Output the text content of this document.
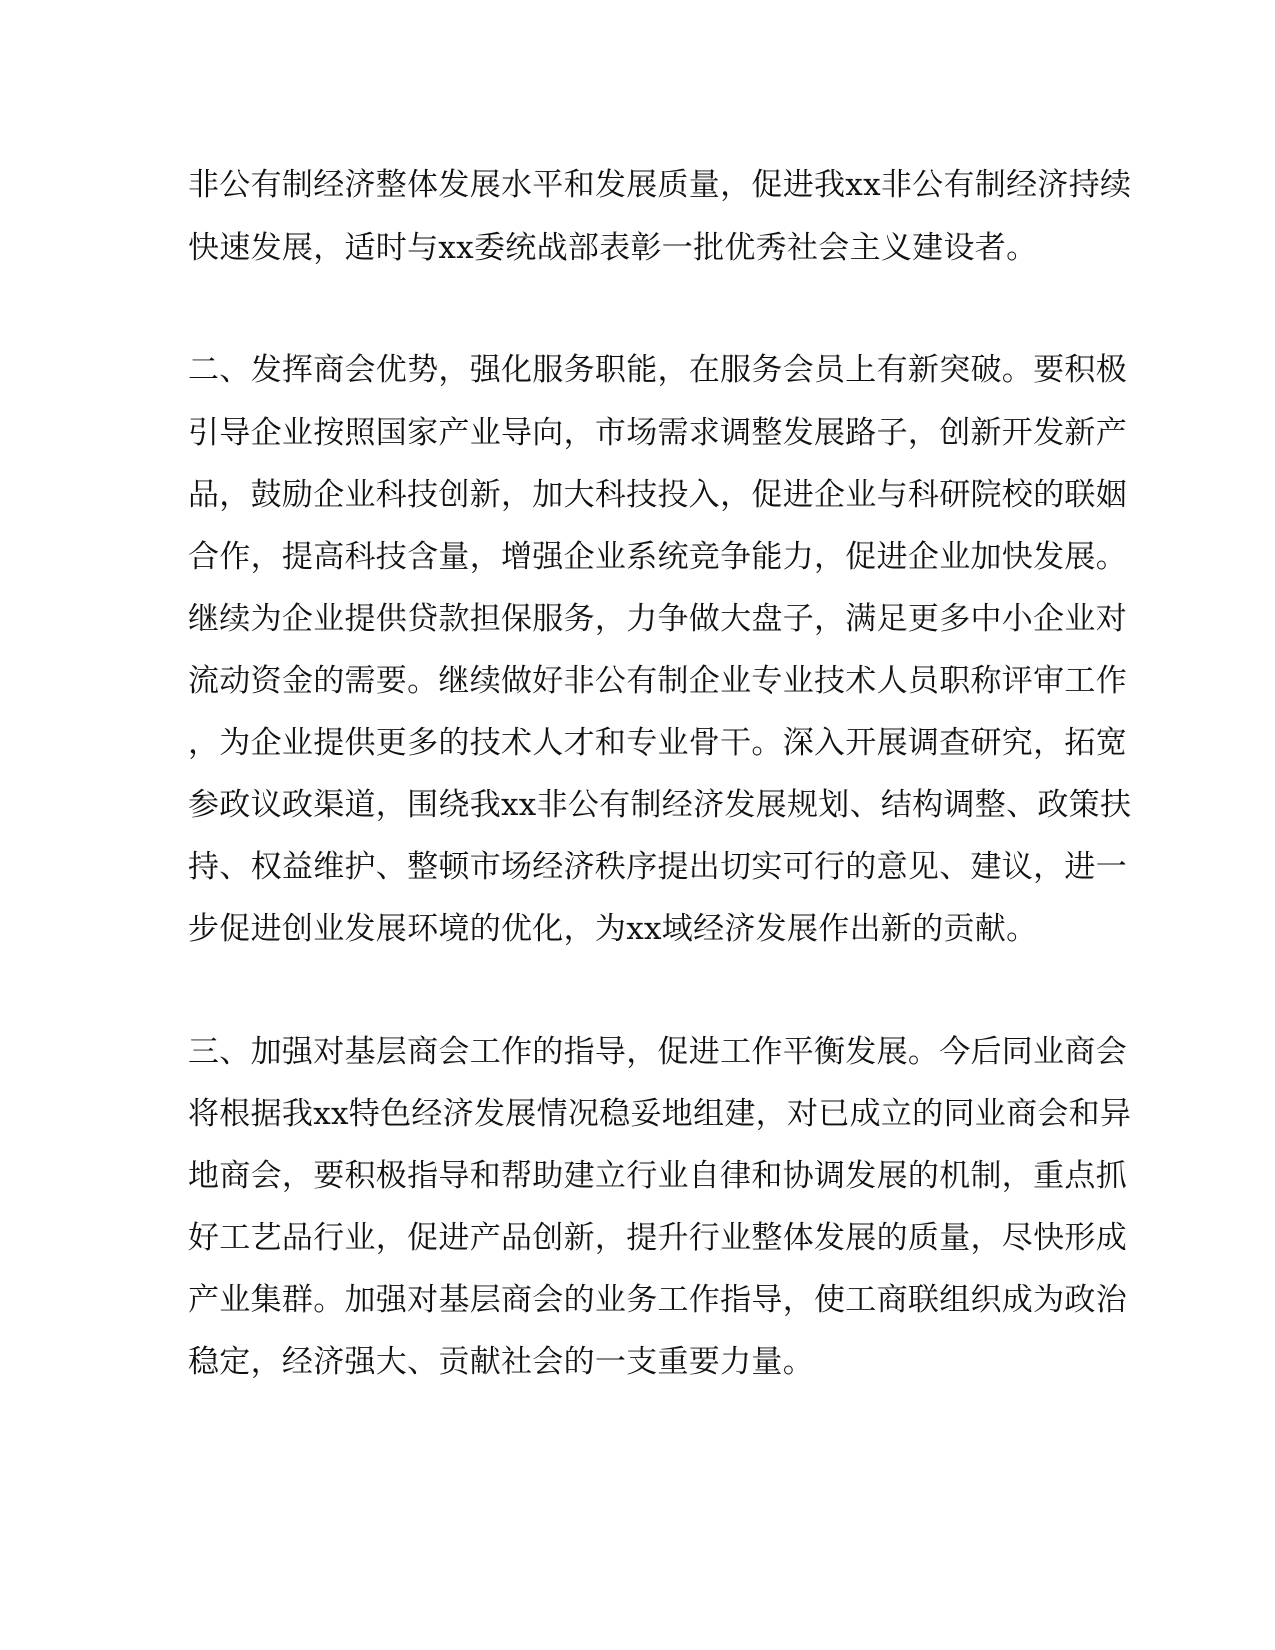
非公有制经济整体发展水平和发展质量，促进我xx非公有制经济持续
快速发展，适时与xx委统战部表彰一批优秀社会主义建设者。
二、发挥商会优势，强化服务职能，在服务会员上有新突破。要积极
引导企业按照国家产业导向，市场需求调整发展路子，创新开发新产
品，鼓励企业科技创新，加大科技投入，促进企业与科研院校的联姻
合作，提高科技含量，增强企业系统竞争能力，促进企业加快发展。
继续为企业提供贷款担保服务，力争做大盘子，满足更多中小企业对
流动资金的需要。继续做好非公有制企业专业技术人员职称评审工作
，为企业提供更多的技术人才和专业骨干。深入开展调查研究，拓宽
参政议政渠道，围绕我xx非公有制经济发展规划、结构调整、政策扶
持、权益维护、整顿市场经济秩序提出切实可行的意见、建议，进一
步促进创业发展环境的优化，为xx域经济发展作出新的贡献。
三、加强对基层商会工作的指导，促进工作平衡发展。今后同业商会
将根据我xx特色经济发展情况稳妥地组建，对已成立的同业商会和异
地商会，要积极指导和帮助建立行业自律和协调发展的机制，重点抓
好工艺品行业，促进产品创新，提升行业整体发展的质量，尽快形成
产业集群。加强对基层商会的业务工作指导，使工商联组织成为政治
稳定，经济强大、贡献社会的一支重要力量。
